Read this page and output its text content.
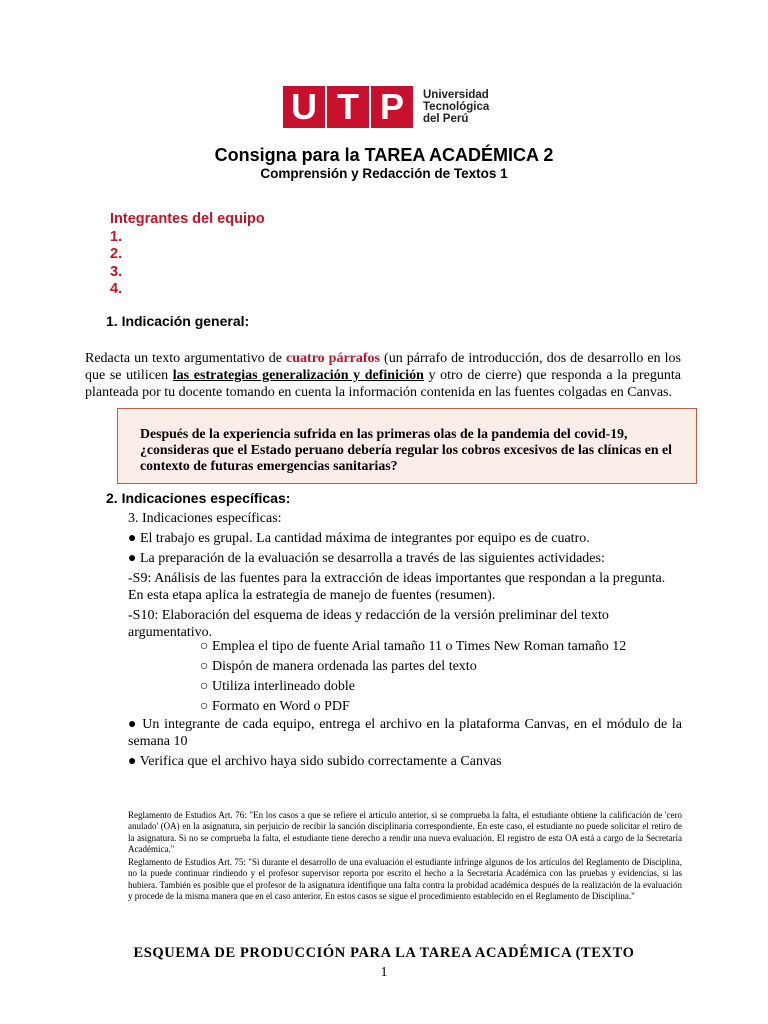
U T P	Universidad
Tecnológica
del Perú
Consigna para la TAREA ACADÉMICA 2
Comprensión y Redacción de Textos 1
Integrantes del equipo
1.
2.
3.
4.
1. Indicación general:
Redacta un texto argumentativo de cuatro párrafos (un párrafo de introducción, dos de desarrollo en los que se utilicen las estrategias generalización y definición y otro de cierre) que responda a la pregunta planteada por tu docente tomando en cuenta la información contenida en las fuentes colgadas en Canvas.
Después de la experiencia sufrida en las primeras olas de la pandemia del covid-19, ¿consideras que el Estado peruano debería regular los cobros excesivos de las clínicas en el contexto de futuras emergencias sanitarias?
2. Indicaciones específicas:
3. Indicaciones específicas:
● El trabajo es grupal. La cantidad máxima de integrantes por equipo es de cuatro.
● La preparación de la evaluación se desarrolla a través de las siguientes actividades:
-S9: Análisis de las fuentes para la extracción de ideas importantes que respondan a la pregunta. En esta etapa aplica la estrategia de manejo de fuentes (resumen).
-S10: Elaboración del esquema de ideas y redacción de la versión preliminar del texto argumentativo.
○ Emplea el tipo de fuente Arial tamaño 11 o Times New Roman tamaño 12
○ Dispón de manera ordenada las partes del texto
○ Utiliza interlineado doble
○ Formato en Word o PDF
● Un integrante de cada equipo, entrega el archivo en la plataforma Canvas, en el módulo de la semana 10
● Verifica que el archivo haya sido subido correctamente a Canvas
Reglamento de Estudios Art. 76: "En los casos a que se refiere el artículo anterior, si se comprueba la falta, el estudiante obtiene la calificación de 'cero anulado' (OA) en la asignatura, sin perjuicio de recibir la sanción disciplinaria correspondiente. En este caso, el estudiante no puede solicitar el retiro de la asignatura. Si no se comprueba la falta, el estudiante tiene derecho a rendir una nueva evaluación. El registro de esta OA está a cargo de la Secretaría Académica."
Reglamento de Estudios Art. 75: "Si durante el desarrollo de una evaluación el estudiante infringe algunos de los artículos del Reglamento de Disciplina, no la puede continuar rindiendo y el profesor supervisor reporta por escrito el hecho a la Secretaría Académica con las pruebas y evidencias, si las hubiera. También es posible que el profesor de la asignatura identifique una falta contra la probidad académica después de la realización de la evaluación y procede de la misma manera que en el caso anterior. En estos casos se sigue el procedimiento establecido en el Reglamento de Disciplina."
ESQUEMA DE PRODUCCIÓN PARA LA TAREA ACADÉMICA (TEXTO
1
